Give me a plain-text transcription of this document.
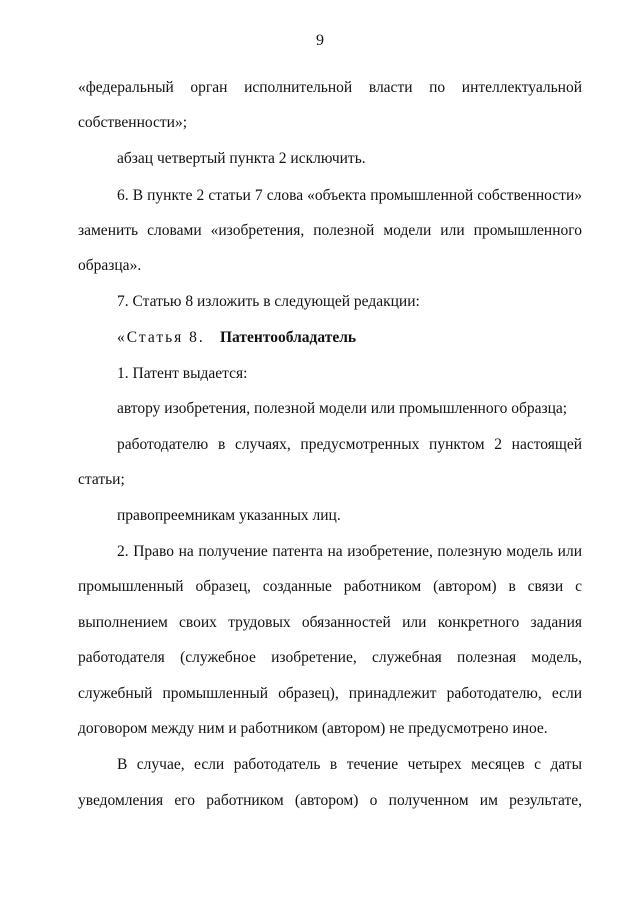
9
«федеральный орган исполнительной власти по интеллектуальной
собственности»;
абзац четвертый пункта 2 исключить.
6. В пункте 2 статьи 7 слова «объекта промышленной собственности»
заменить словами «изобретения, полезной модели или промышленного
образца».
7. Статью 8 изложить в следующей редакции:
«Статья 8. Патентообладатель
1. Патент выдается:
автору изобретения, полезной модели или промышленного образца;
работодателю в случаях, предусмотренных пунктом 2 настоящей
статьи;
правопреемникам указанных лиц.
2. Право на получение патента на изобретение, полезную модель или
промышленный образец, созданные работником (автором) в связи с
выполнением своих трудовых обязанностей или конкретного задания
работодателя (служебное изобретение, служебная полезная модель,
служебный промышленный образец), принадлежит работодателю, если
договором между ним и работником (автором) не предусмотрено иное.
В случае, если работодатель в течение четырех месяцев с даты
уведомления его работником (автором) о полученном им результате,
